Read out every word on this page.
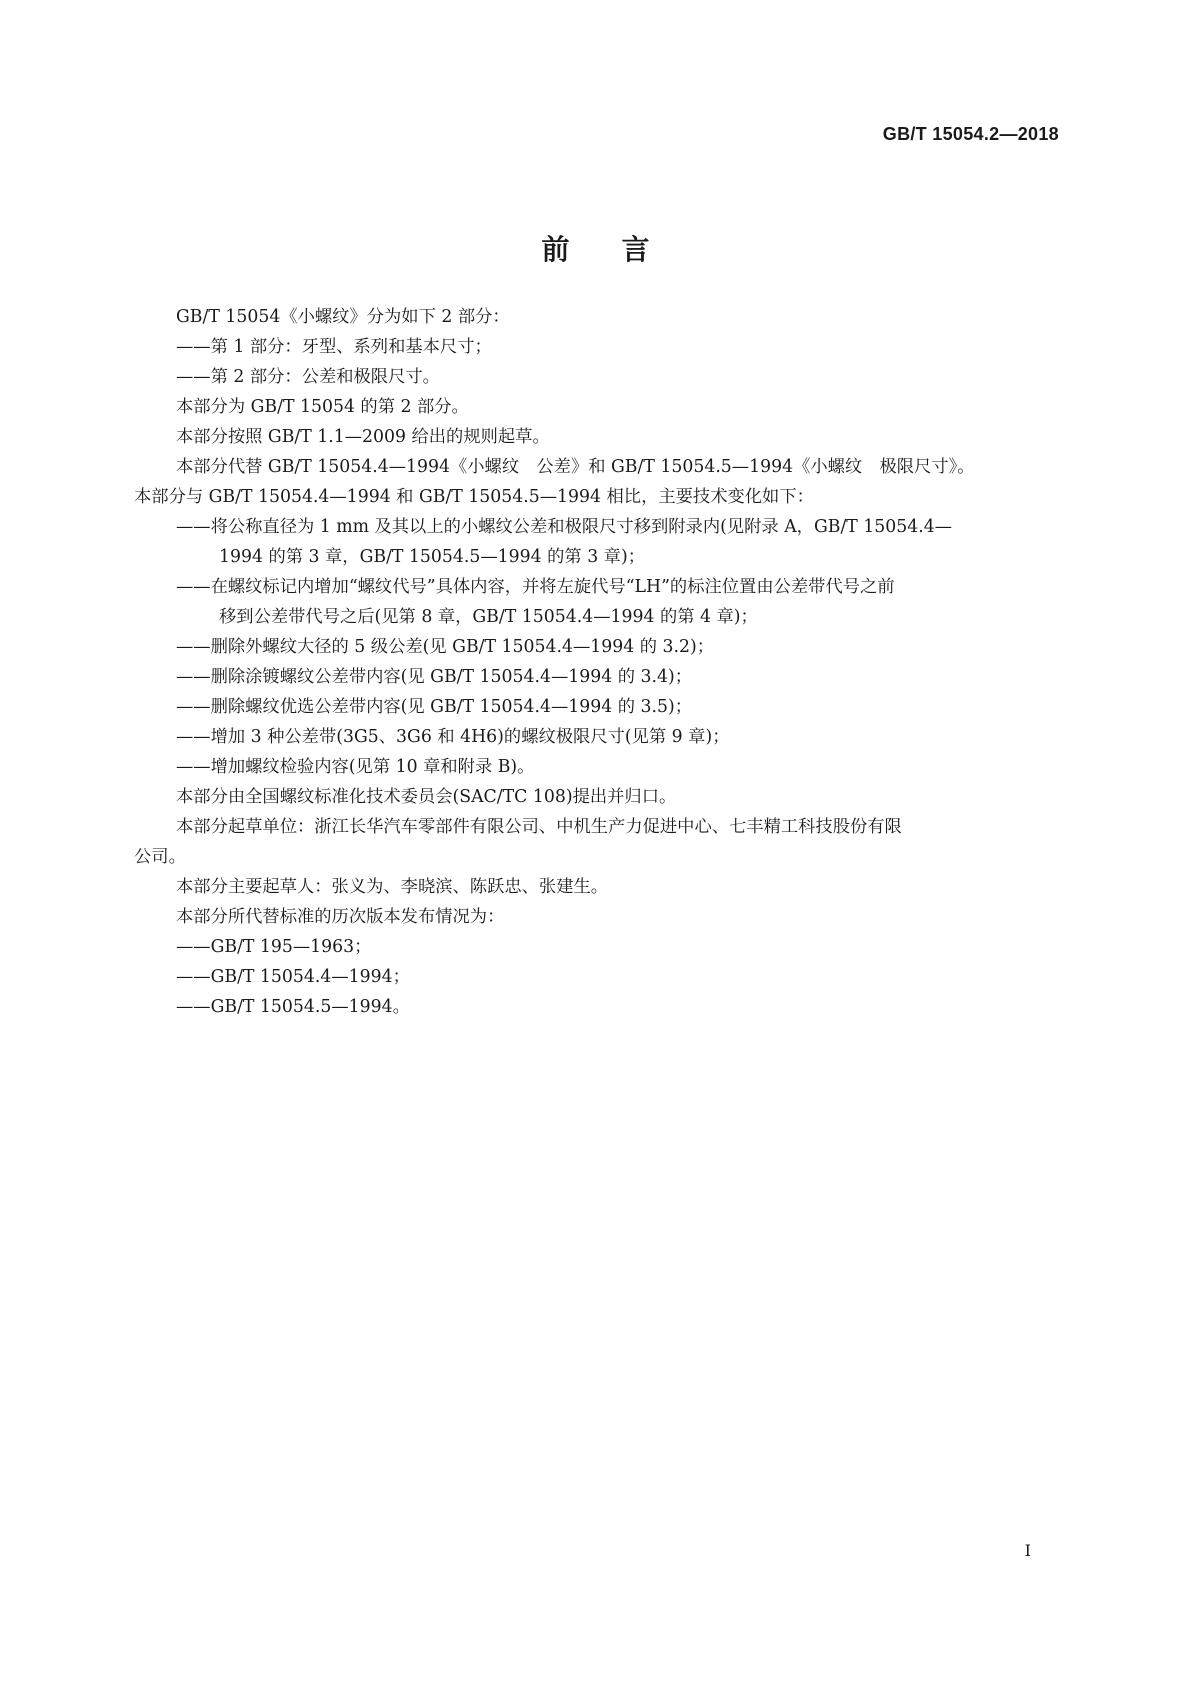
GB/T 15054.2—2018
前言
GB/T 15054《小螺纹》分为如下 2 部分：
——第 1 部分：牙型、系列和基本尺寸；
——第 2 部分：公差和极限尺寸。
本部分为 GB/T 15054 的第 2 部分。
本部分按照 GB/T 1.1—2009 给出的规则起草。
本部分代替 GB/T 15054.4—1994《小螺纹　公差》和 GB/T 15054.5—1994《小螺纹　极限尺寸》。
本部分与 GB/T 15054.4—1994 和 GB/T 15054.5—1994 相比，主要技术变化如下：
——将公称直径为 1 mm 及其以上的小螺纹公差和极限尺寸移到附录内(见附录 A，GB/T 15054.4—
1994 的第 3 章，GB/T 15054.5—1994 的第 3 章)；
——在螺纹标记内增加“螺纹代号”具体内容，并将左旋代号“LH”的标注位置由公差带代号之前
移到公差带代号之后(见第 8 章，GB/T 15054.4—1994 的第 4 章)；
——删除外螺纹大径的 5 级公差(见 GB/T 15054.4—1994 的 3.2)；
——删除涂镀螺纹公差带内容(见 GB/T 15054.4—1994 的 3.4)；
——删除螺纹优选公差带内容(见 GB/T 15054.4—1994 的 3.5)；
——增加 3 种公差带(3G5、3G6 和 4H6)的螺纹极限尺寸(见第 9 章)；
——增加螺纹检验内容(见第 10 章和附录 B)。
本部分由全国螺纹标准化技术委员会(SAC/TC 108)提出并归口。
本部分起草单位：浙江长华汽车零部件有限公司、中机生产力促进中心、七丰精工科技股份有限
公司。
本部分主要起草人：张义为、李晓滨、陈跃忠、张建生。
本部分所代替标准的历次版本发布情况为：
——GB/T 195—1963；
——GB/T 15054.4—1994；
——GB/T 15054.5—1994。
I
